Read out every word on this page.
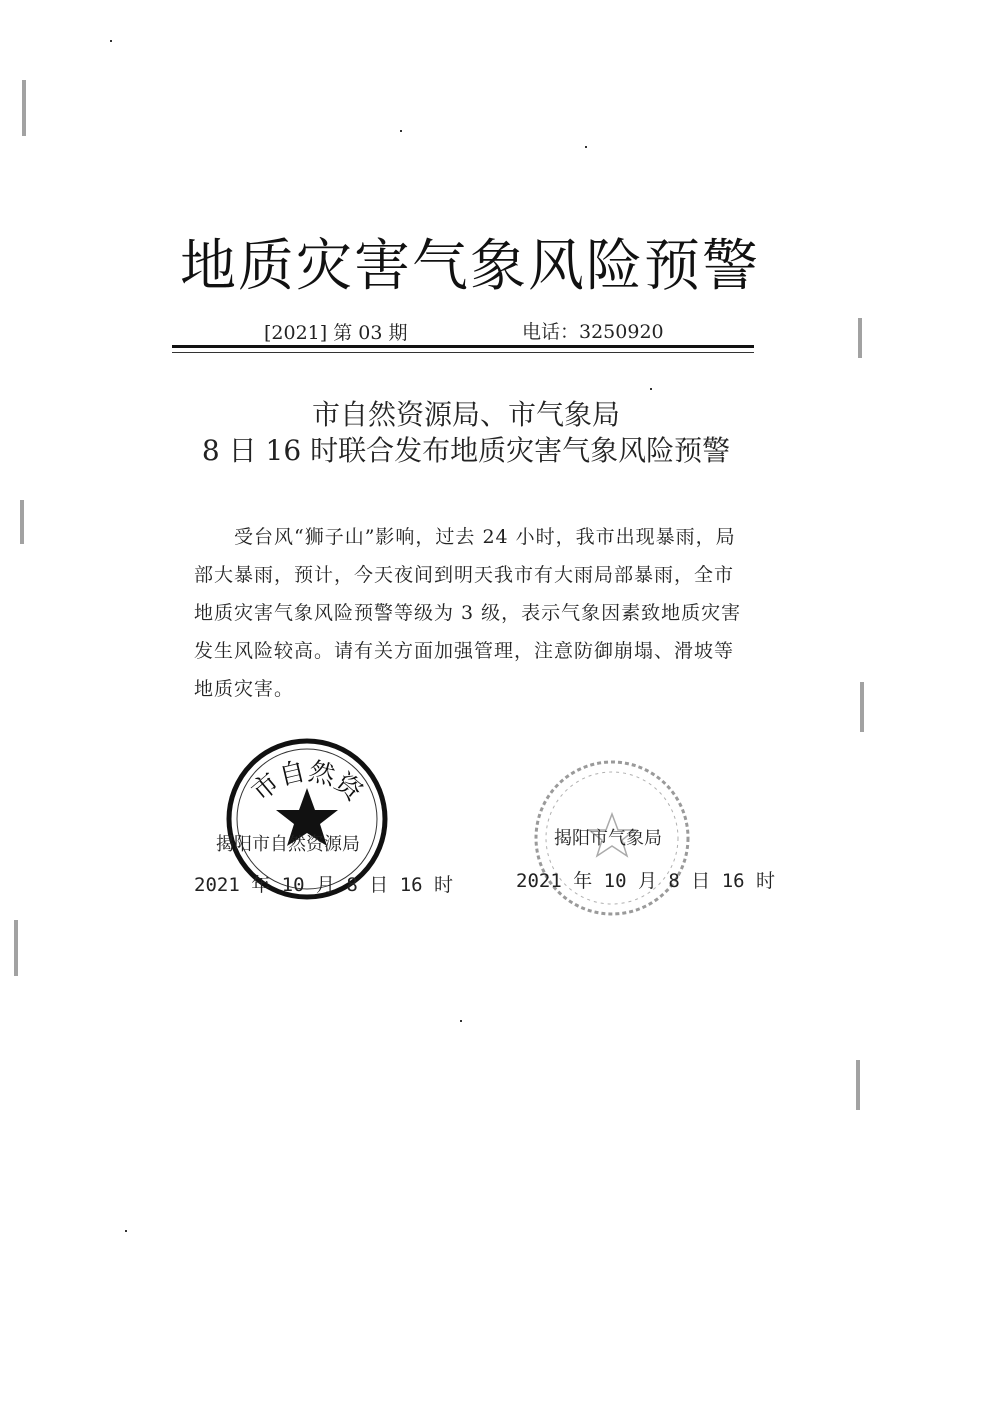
地质灾害气象风险预警
[2021] 第 03 期	电话：3250920
市自然资源局、市气象局
8 日 16 时联合发布地质灾害气象风险预警
受台风“狮子山”影响，过去 24 小时，我市出现暴雨，局部大暴雨，预计，今天夜间到明天我市有大雨局部暴雨，全市地质灾害气象风险预警等级为 3 级，表示气象因素致地质灾害发生风险较高。请有关方面加强管理，注意防御崩塌、滑坡等地质灾害。
市自然资
揭阳市自然资源局
2021 年 10 月 8 日 16 时
揭阳市气象局
2021 年 10 月 8 日 16 时
